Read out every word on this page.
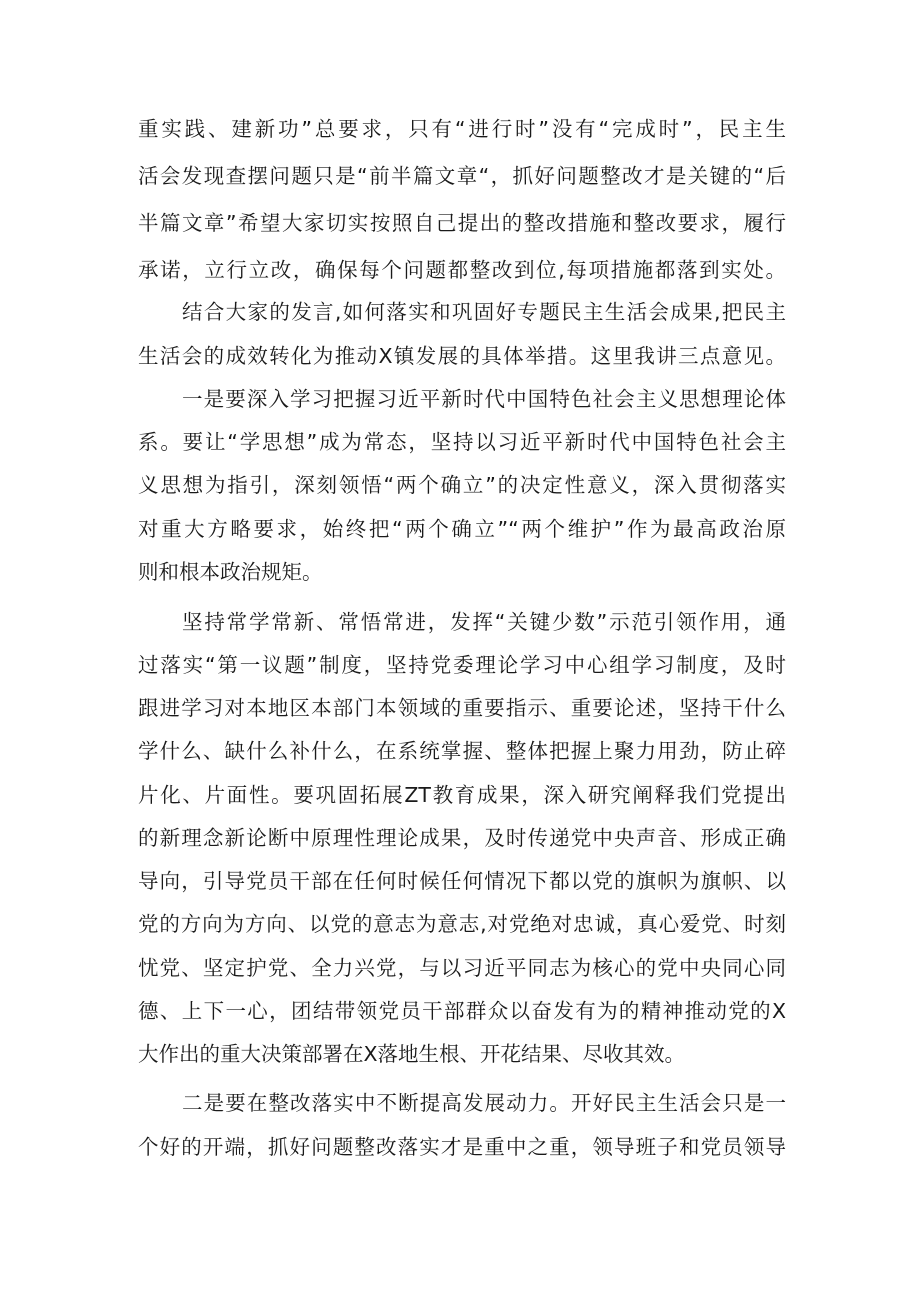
重实践、建新功”总要求，只有“进行时”没有“完成时”，民主生
活会发现查摆问题只是“前半篇文章“，抓好问题整改才是关键的“后
半篇文章”希望大家切实按照自己提出的整改措施和整改要求，履行
承诺，立行立改，确保每个问题都整改到位,每项措施都落到实处。
结合大家的发言,如何落实和巩固好专题民主生活会成果,把民主
生活会的成效转化为推动X镇发展的具体举措。这里我讲三点意见。
一是要深入学习把握习近平新时代中国特色社会主义思想理论体
系。要让“学思想”成为常态，坚持以习近平新时代中国特色社会主
义思想为指引，深刻领悟“两个确立”的决定性意义，深入贯彻落实
对重大方略要求，始终把“两个确立”“两个维护”作为最高政治原
则和根本政治规矩。
坚持常学常新、常悟常进，发挥“关键少数”示范引领作用，通
过落实“第一议题”制度，坚持党委理论学习中心组学习制度，及时
跟进学习对本地区本部门本领域的重要指示、重要论述，坚持干什么
学什么、缺什么补什么，在系统掌握、整体把握上聚力用劲，防止碎
片化、片面性。要巩固拓展ZT教育成果，深入研究阐释我们党提出
的新理念新论断中原理性理论成果，及时传递党中央声音、形成正确
导向，引导党员干部在任何时候任何情况下都以党的旗帜为旗帜、以
党的方向为方向、以党的意志为意志,对党绝对忠诚，真心爱党、时刻
忧党、坚定护党、全力兴党，与以习近平同志为核心的党中央同心同
德、上下一心，团结带领党员干部群众以奋发有为的精神推动党的X
大作出的重大决策部署在X落地生根、开花结果、尽收其效。
二是要在整改落实中不断提高发展动力。开好民主生活会只是一
个好的开端，抓好问题整改落实才是重中之重，领导班子和党员领导
